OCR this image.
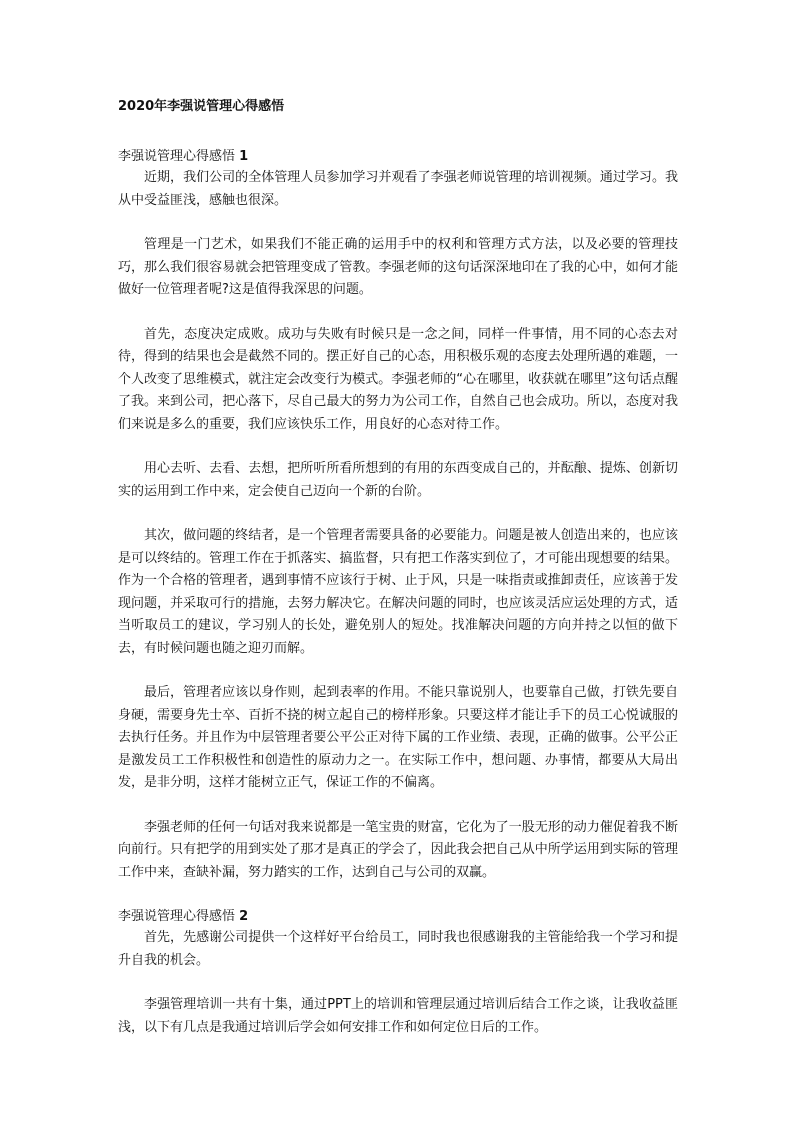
2020年李强说管理心得感悟
李强说管理心得感悟 1

近期，我们公司的全体管理人员参加学习并观看了李强老师说管理的培训视频。通过学习。我从中受益匪浅，感触也很深。

管理是一门艺术，如果我们不能正确的运用手中的权利和管理方式方法，以及必要的管理技巧，那么我们很容易就会把管理变成了管教。李强老师的这句话深深地印在了我的心中，如何才能做好一位管理者呢?这是值得我深思的问题。

首先，态度决定成败。成功与失败有时候只是一念之间，同样一件事情，用不同的心态去对待，得到的结果也会是截然不同的。摆正好自己的心态，用积极乐观的态度去处理所遇的难题，一个人改变了思维模式，就注定会改变行为模式。李强老师的“心在哪里，收获就在哪里”这句话点醒了我。来到公司，把心落下，尽自己最大的努力为公司工作，自然自己也会成功。所以，态度对我们来说是多么的重要，我们应该快乐工作，用良好的心态对待工作。

用心去听、去看、去想，把所听所看所想到的有用的东西变成自己的，并酝酿、提炼、创新切实的运用到工作中来，定会使自己迈向一个新的台阶。

其次，做问题的终结者，是一个管理者需要具备的必要能力。问题是被人创造出来的，也应该是可以终结的。管理工作在于抓落实、搞监督，只有把工作落实到位了，才可能出现想要的结果。作为一个合格的管理者，遇到事情不应该行于树、止于风，只是一味指责或推卸责任，应该善于发现问题，并采取可行的措施，去努力解决它。在解决问题的同时，也应该灵活应运处理的方式，适当听取员工的建议，学习别人的长处，避免别人的短处。找准解决问题的方向并持之以恒的做下去，有时候问题也随之迎刃而解。

最后，管理者应该以身作则，起到表率的作用。不能只靠说别人，也要靠自己做，打铁先要自身硬，需要身先士卒、百折不挠的树立起自己的榜样形象。只要这样才能让手下的员工心悦诚服的去执行任务。并且作为中层管理者要公平公正对待下属的工作业绩、表现，正确的做事。公平公正是激发员工工作积极性和创造性的原动力之一。在实际工作中，想问题、办事情，都要从大局出发，是非分明，这样才能树立正气，保证工作的不偏离。

李强老师的任何一句话对我来说都是一笔宝贵的财富，它化为了一股无形的动力催促着我不断向前行。只有把学的用到实处了那才是真正的学会了，因此我会把自己从中所学运用到实际的管理工作中来，查缺补漏，努力踏实的工作，达到自己与公司的双赢。

李强说管理心得感悟 2

首先，先感谢公司提供一个这样好平台给员工，同时我也很感谢我的主管能给我一个学习和提升自我的机会。

李强管理培训一共有十集，通过PPT上的培训和管理层通过培训后结合工作之谈，让我收益匪浅，以下有几点是我通过培训后学会如何安排工作和如何定位日后的工作。
